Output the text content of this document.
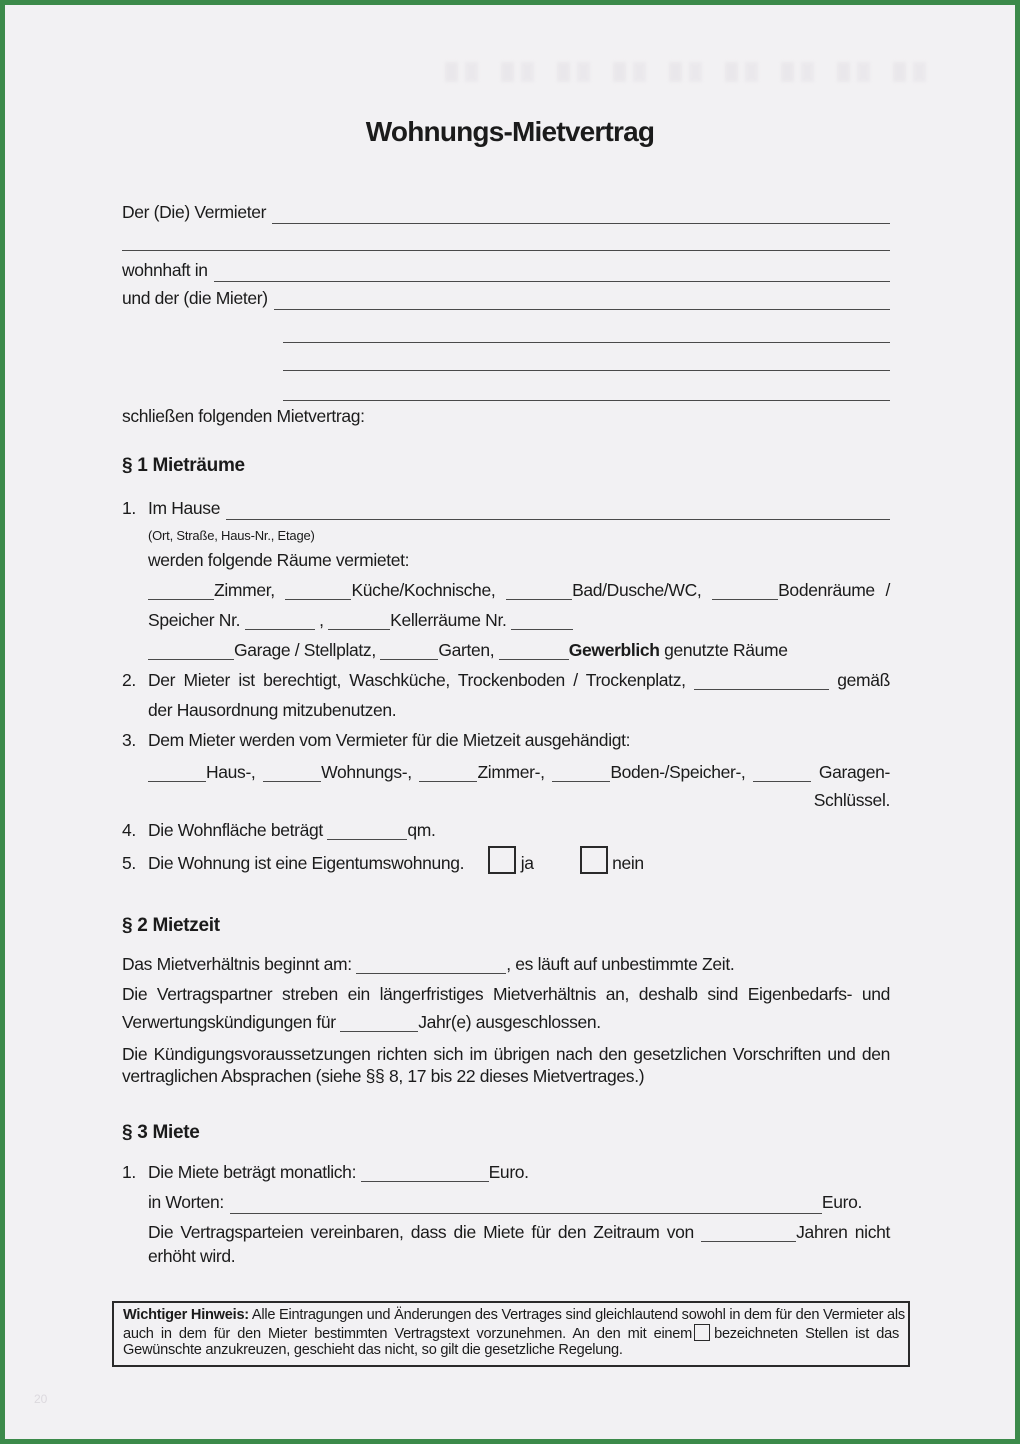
Wohnungs-Mietvertrag
Der (Die) Vermieter
wohnhaft in
und der (die Mieter)
schließen folgenden Mietvertrag:
§ 1 Mieträume
1. Im Hause
(Ort, Straße, Haus-Nr., Etage)
werden folgende Räume vermietet:
Zimmer,	Küche/Kochnische,	Bad/Dusche/WC,	Bodenräume /
Speicher Nr.	,	Kellerräume Nr.
Garage / Stellplatz,	Garten,	Gewerblich genutzte Räume
2. Der Mieter ist berechtigt, Waschküche, Trockenboden / Trockenplatz,	gemäß
der Hausordnung mitzubenutzen.
3. Dem Mieter werden vom Vermieter für die Mietzeit ausgehändigt:
Haus-,	Wohnungs-,	Zimmer-,	Boden-/Speicher-,	Garagen-
Schlüssel.
4. Die Wohnfläche beträgt	qm.
5. Die Wohnung ist eine Eigentumswohnung.	ja	nein
§ 2 Mietzeit
Das Mietverhältnis beginnt am:	, es läuft auf unbestimmte Zeit.
Die Vertragspartner streben ein längerfristiges Mietverhältnis an, deshalb sind Eigenbedarfs- und
Verwertungskündigungen für	Jahr(e) ausgeschlossen.
Die Kündigungsvoraussetzungen richten sich im übrigen nach den gesetzlichen Vorschriften und den
vertraglichen Absprachen (siehe §§ 8, 17 bis 22 dieses Mietvertrages.)
§ 3 Miete
1. Die Miete beträgt monatlich:	Euro.
in Worten:	Euro.
Die Vertragsparteien vereinbaren, dass die Miete für den Zeitraum von	Jahren nicht
erhöht wird.
Wichtiger Hinweis: Alle Eintragungen und Änderungen des Vertrages sind gleichlautend sowohl in dem für den Vermieter als
auch in dem für den Mieter bestimmten Vertragstext vorzunehmen. An den mit einem bezeichneten Stellen ist das
Gewünschte anzukreuzen, geschieht das nicht, so gilt die gesetzliche Regelung.
20
